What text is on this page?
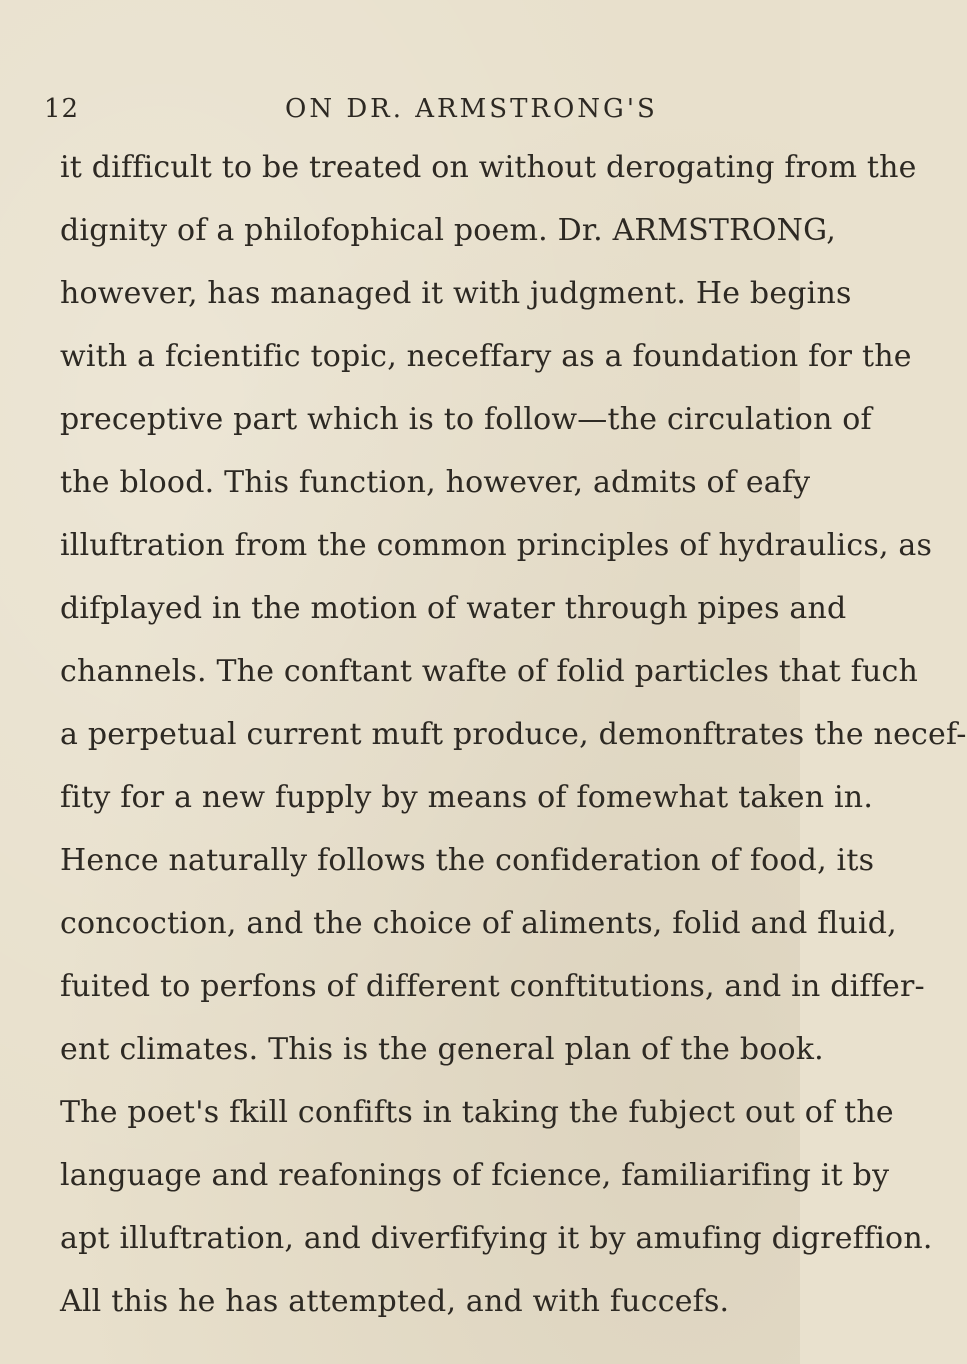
12	ON DR. ARMSTRONG'S
it difficult to be treated on without derogating from the
dignity of a philofophical poem. Dr. ARMSTRONG,
however, has managed it with judgment. He begins
with a fcientific topic, neceffary as a foundation for the
preceptive part which is to follow—the circulation of
the blood. This function, however, admits of eafy
illuftration from the common principles of hydraulics, as
difplayed in the motion of water through pipes and
channels. The conftant wafte of folid particles that fuch
a perpetual current muft produce, demonftrates the necef-
fity for a new fupply by means of fomewhat taken in.
Hence naturally follows the confideration of food, its
concoction, and the choice of aliments, folid and fluid,
fuited to perfons of different conftitutions, and in differ-
ent climates. This is the general plan of the book.
The poet's fkill confifts in taking the fubject out of the
language and reafonings of fcience, familiarifing it by
apt illuftration, and diverfifying it by amufing digreffion.
All this he has attempted, and with fuccefs.
